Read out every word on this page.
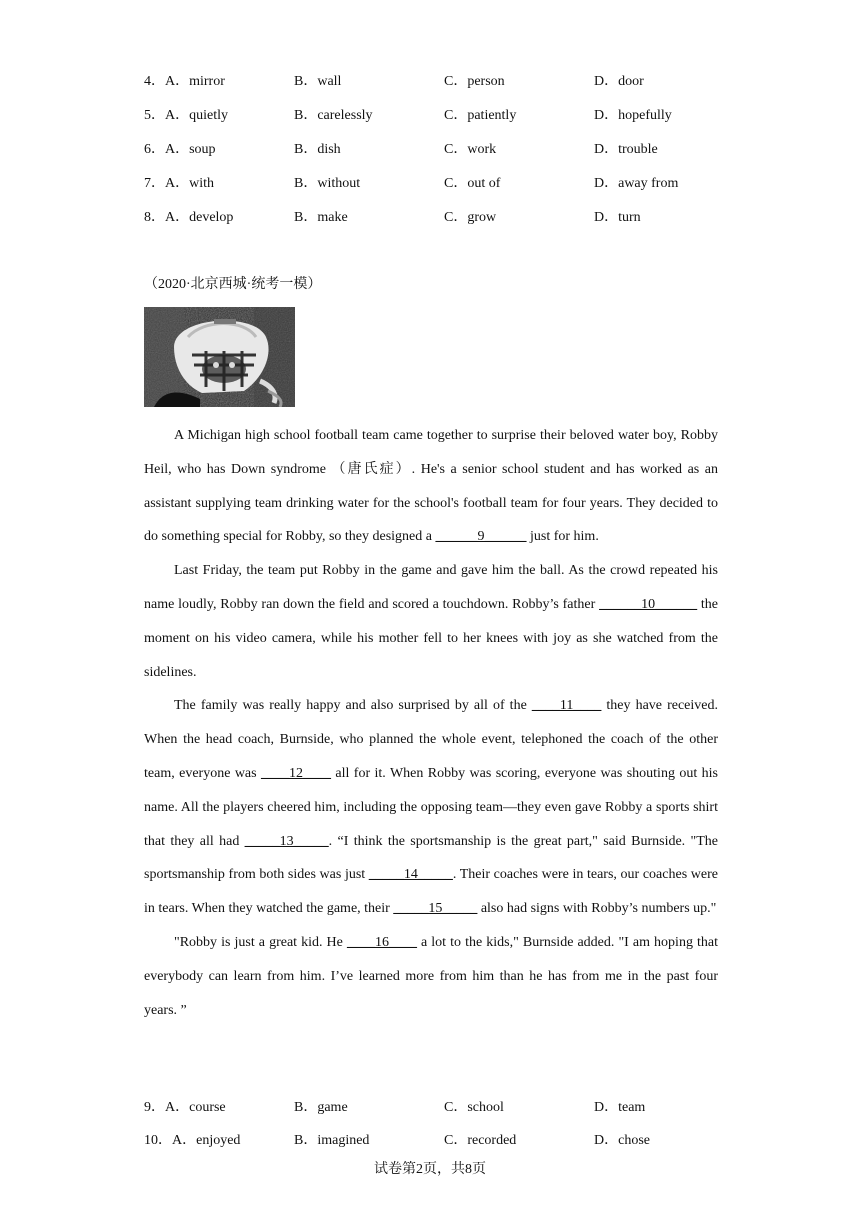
4．A．mirror	B．wall	C．person	D．door
5．A．quietly	B．carelessly	C．patiently	D．hopefully
6．A．soup	B．dish	C．work	D．trouble
7．A．with	B．without	C．out of	D．away from
8．A．develop	B．make	C．grow	D．turn
（2020·北京西城·统考一模）

A Michigan high school football team came together to surprise their beloved water boy, Robby Heil, who has Down syndrome （唐氏症）. He's a senior school student and has worked as an assistant supplying team drinking water for the school's football team for four years. They decided to do something special for Robby, so they designed a ______9______ just for him.

Last Friday, the team put Robby in the game and gave him the ball. As the crowd repeated his name loudly, Robby ran down the field and scored a touchdown. Robby’s father ______10______ the moment on his video camera, while his mother fell to her knees with joy as she watched from the sidelines.

The family was really happy and also surprised by all of the ____11____ they have received. When the head coach, Burnside, who planned the whole event, telephoned the coach of the other team, everyone was ____12____ all for it. When Robby was scoring, everyone was shouting out his name. All the players cheered him, including the opposing team—they even gave Robby a sports shirt that they all had _____13_____. “I think the sportsmanship is the great part," said Burnside. "The sportsmanship from both sides was just _____14_____. Their coaches were in tears, our coaches were in tears. When they watched the game, their _____15_____ also had signs with Robby’s numbers up."

"Robby is just a great kid. He ____16____ a lot to the kids," Burnside added. "I am hoping that everybody can learn from him. I’ve learned more from him than he has from me in the past four years. ”

9．A．course	B．game	C．school	D．team
10．A．enjoyed	B．imagined	C．recorded	D．chose
试卷第2页，共8页
